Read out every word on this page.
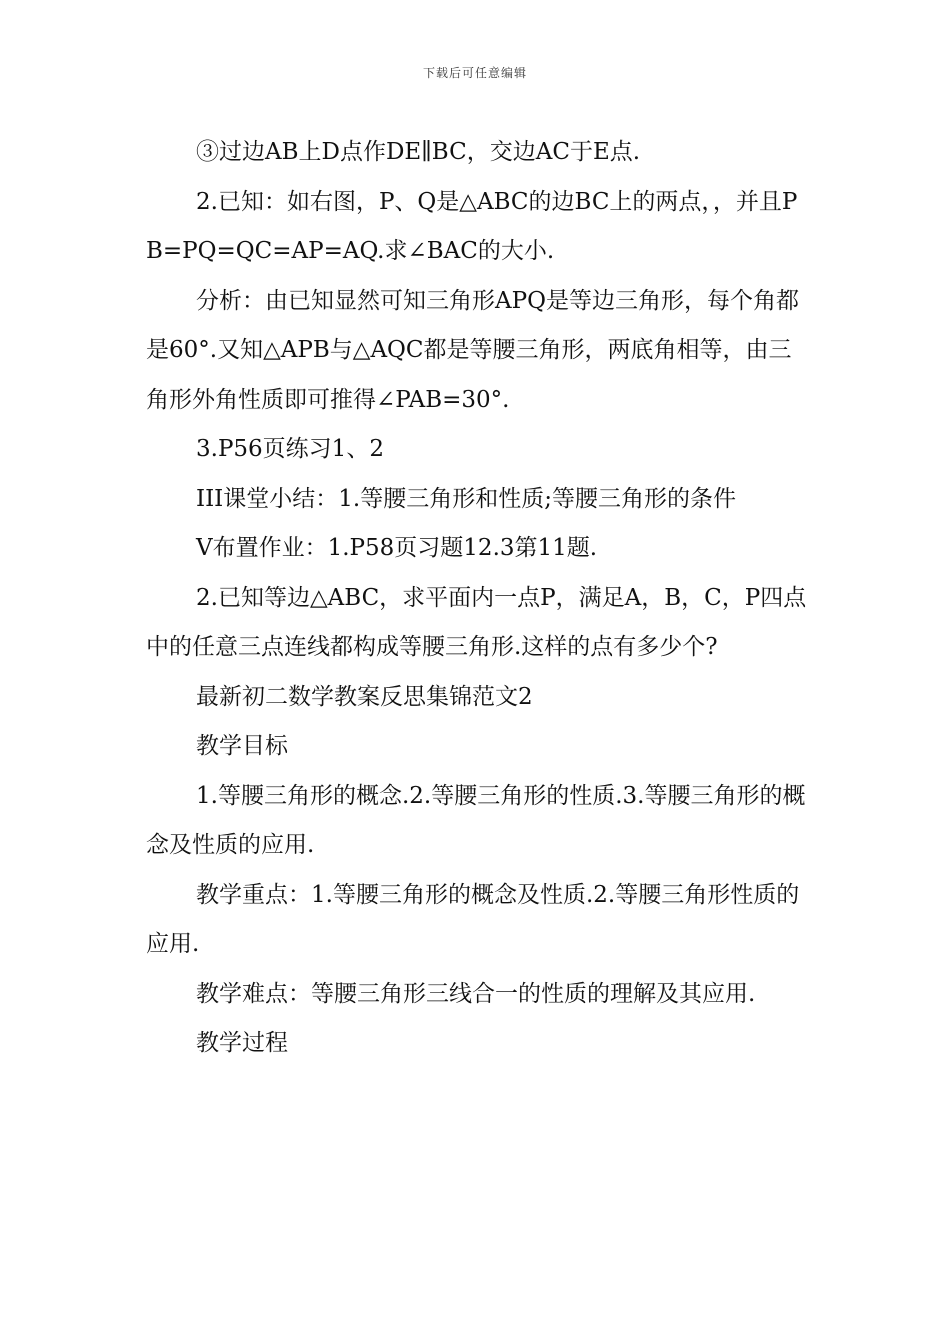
下载后可任意编辑

③过边AB上D点作DE∥BC，交边AC于E点.

2.已知：如右图，P、Q是△ABC的边BC上的两点，，并且PB=PQ=QC=AP=AQ.求∠BAC的大小.

分析：由已知显然可知三角形APQ是等边三角形，每个角都是60°.又知△APB与△AQC都是等腰三角形，两底角相等，由三角形外角性质即可推得∠PAB=30°.

3.P56页练习1、2

III课堂小结：1.等腰三角形和性质;等腰三角形的条件

V布置作业：1.P58页习题12.3第11题.

2.已知等边△ABC，求平面内一点P，满足A，B，C，P四点中的任意三点连线都构成等腰三角形.这样的点有多少个?

最新初二数学教案反思集锦范文2

教学目标

1.等腰三角形的概念.2.等腰三角形的性质.3.等腰三角形的概念及性质的应用.

教学重点：1.等腰三角形的概念及性质.2.等腰三角形性质的应用.

教学难点：等腰三角形三线合一的性质的理解及其应用.

教学过程
